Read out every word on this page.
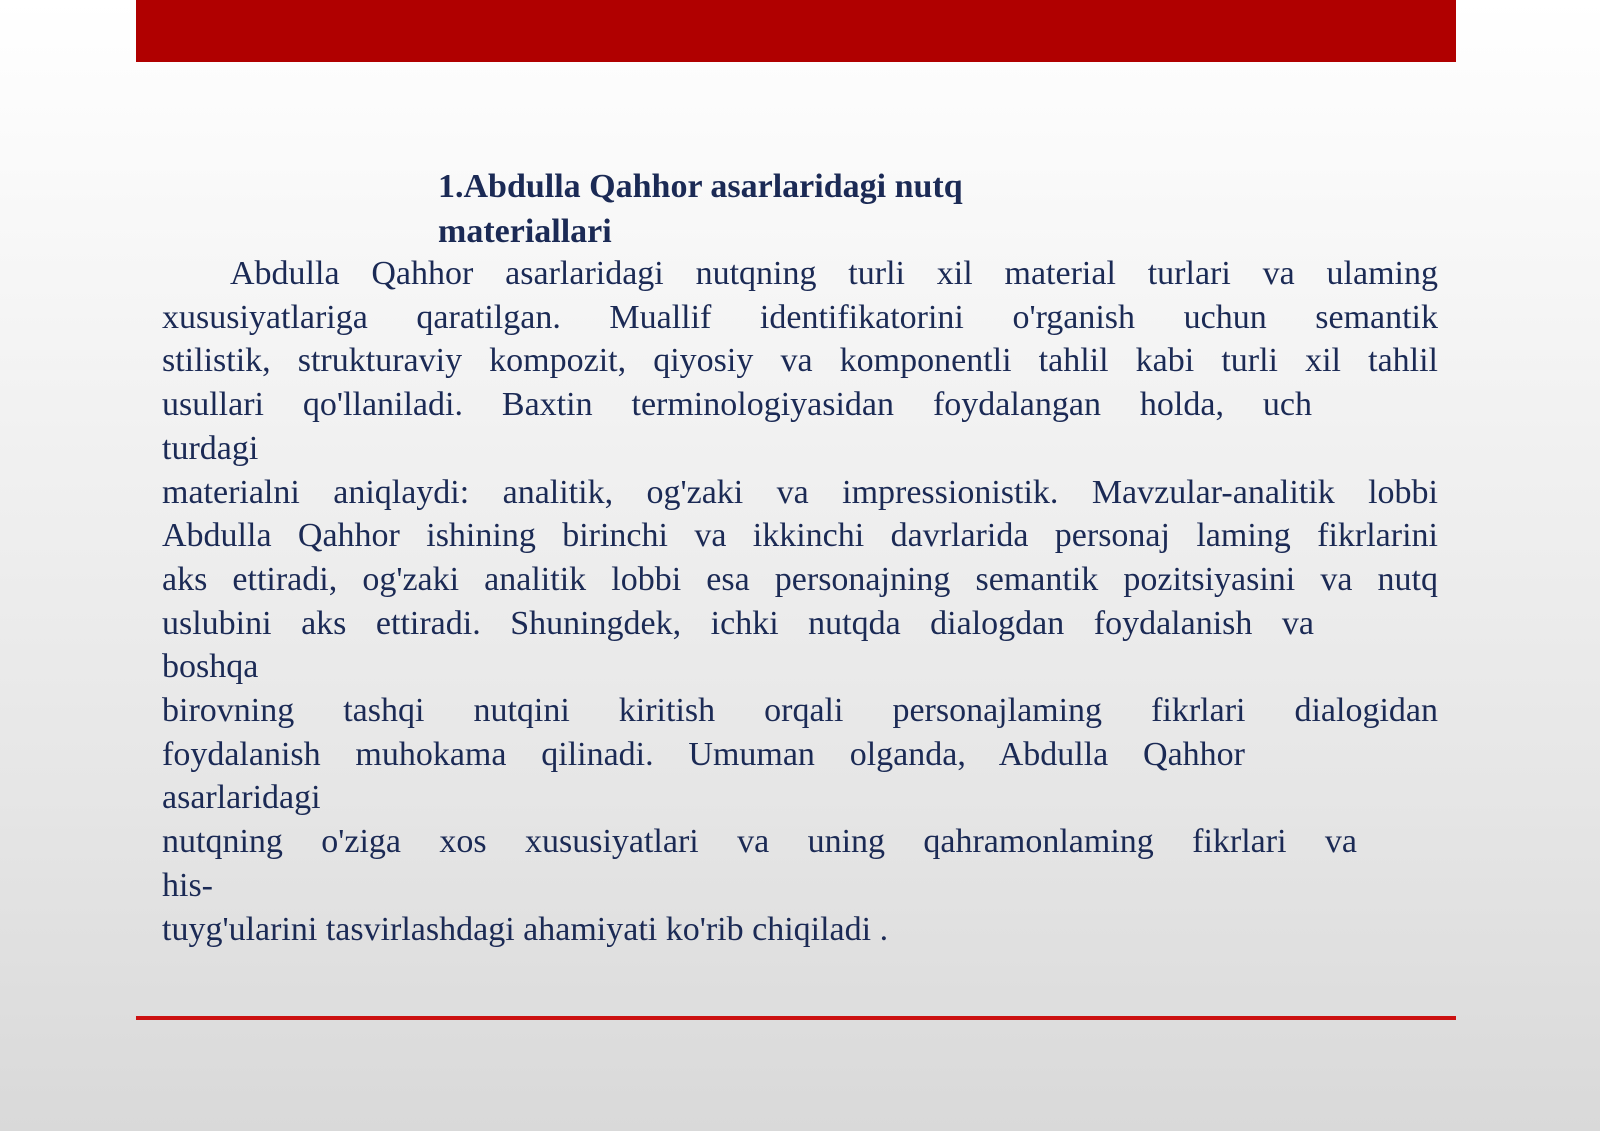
1.Abdulla Qahhor asarlaridagi nutq
materiallari
Abdulla Qahhor asarlaridagi nutqning turli xil material turlari va ulaming
xususiyatlariga qaratilgan. Muallif identifikatorini o'rganish uchun semantik
stilistik, strukturaviy kompozit, qiyosiy va komponentli tahlil kabi turli xil tahlil
usullari qo'llaniladi. Baxtin terminologiyasidan foydalangan holda, uch
turdagi
materialni aniqlaydi: analitik, og'zaki va impressionistik. Mavzular-analitik lobbi
Abdulla Qahhor ishining birinchi va ikkinchi davrlarida personaj laming fikrlarini
aks ettiradi, og'zaki analitik lobbi esa personajning semantik pozitsiyasini va nutq
uslubini aks ettiradi. Shuningdek, ichki nutqda dialogdan foydalanish va
boshqa
birovning tashqi nutqini kiritish orqali personajlaming fikrlari dialogidan
foydalanish muhokama qilinadi. Umuman olganda, Abdulla Qahhor
asarlaridagi
nutqning o'ziga xos xususiyatlari va uning qahramonlaming fikrlari va
his-
tuyg'ularini tasvirlashdagi ahamiyati ko'rib chiqiladi .
